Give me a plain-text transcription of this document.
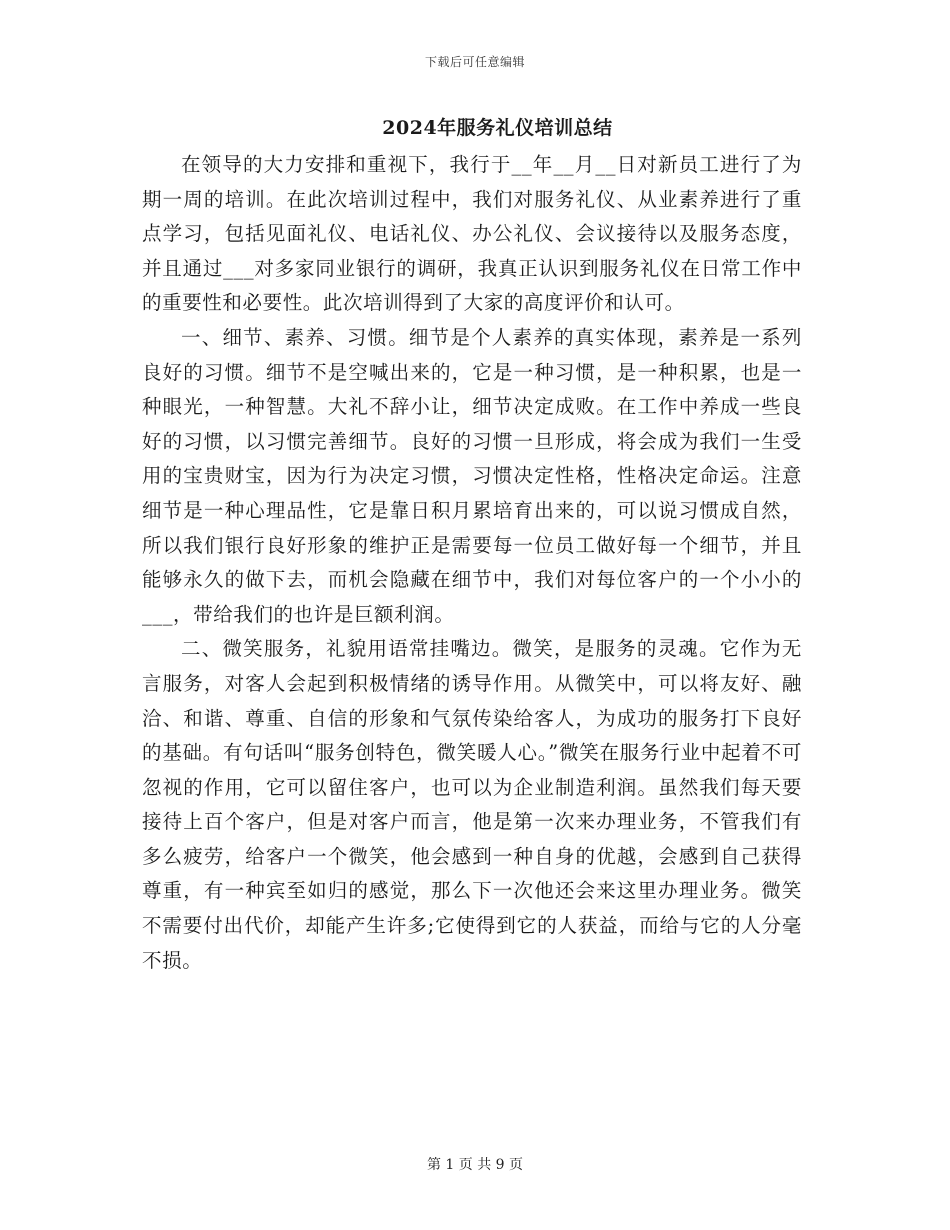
下载后可任意编辑
2024年服务礼仪培训总结

在领导的大力安排和重视下，我行于__年__月__日对新员工进行了为期一周的培训。在此次培训过程中，我们对服务礼仪、从业素养进行了重点学习，包括见面礼仪、电话礼仪、办公礼仪、会议接待以及服务态度，并且通过___对多家同业银行的调研，我真正认识到服务礼仪在日常工作中的重要性和必要性。此次培训得到了大家的高度评价和认可。

一、细节、素养、习惯。细节是个人素养的真实体现，素养是一系列良好的习惯。细节不是空喊出来的，它是一种习惯，是一种积累，也是一种眼光，一种智慧。大礼不辞小让，细节决定成败。在工作中养成一些良好的习惯，以习惯完善细节。良好的习惯一旦形成，将会成为我们一生受用的宝贵财宝，因为行为决定习惯，习惯决定性格，性格决定命运。注意细节是一种心理品性，它是靠日积月累培育出来的，可以说习惯成自然，所以我们银行良好形象的维护正是需要每一位员工做好每一个细节，并且能够永久的做下去，而机会隐藏在细节中，我们对每位客户的一个小小的___，带给我们的也许是巨额利润。

二、微笑服务，礼貌用语常挂嘴边。微笑，是服务的灵魂。它作为无言服务，对客人会起到积极情绪的诱导作用。从微笑中，可以将友好、融洽、和谐、尊重、自信的形象和气氛传染给客人，为成功的服务打下良好的基础。有句话叫“服务创特色，微笑暖人心。”微笑在服务行业中起着不可忽视的作用，它可以留住客户，也可以为企业制造利润。虽然我们每天要接待上百个客户，但是对客户而言，他是第一次来办理业务，不管我们有多么疲劳，给客户一个微笑，他会感到一种自身的优越，会感到自己获得尊重，有一种宾至如归的感觉，那么下一次他还会来这里办理业务。微笑不需要付出代价，却能产生许多;它使得到它的人获益，而给与它的人分毫不损。

第 1 页 共 9 页
